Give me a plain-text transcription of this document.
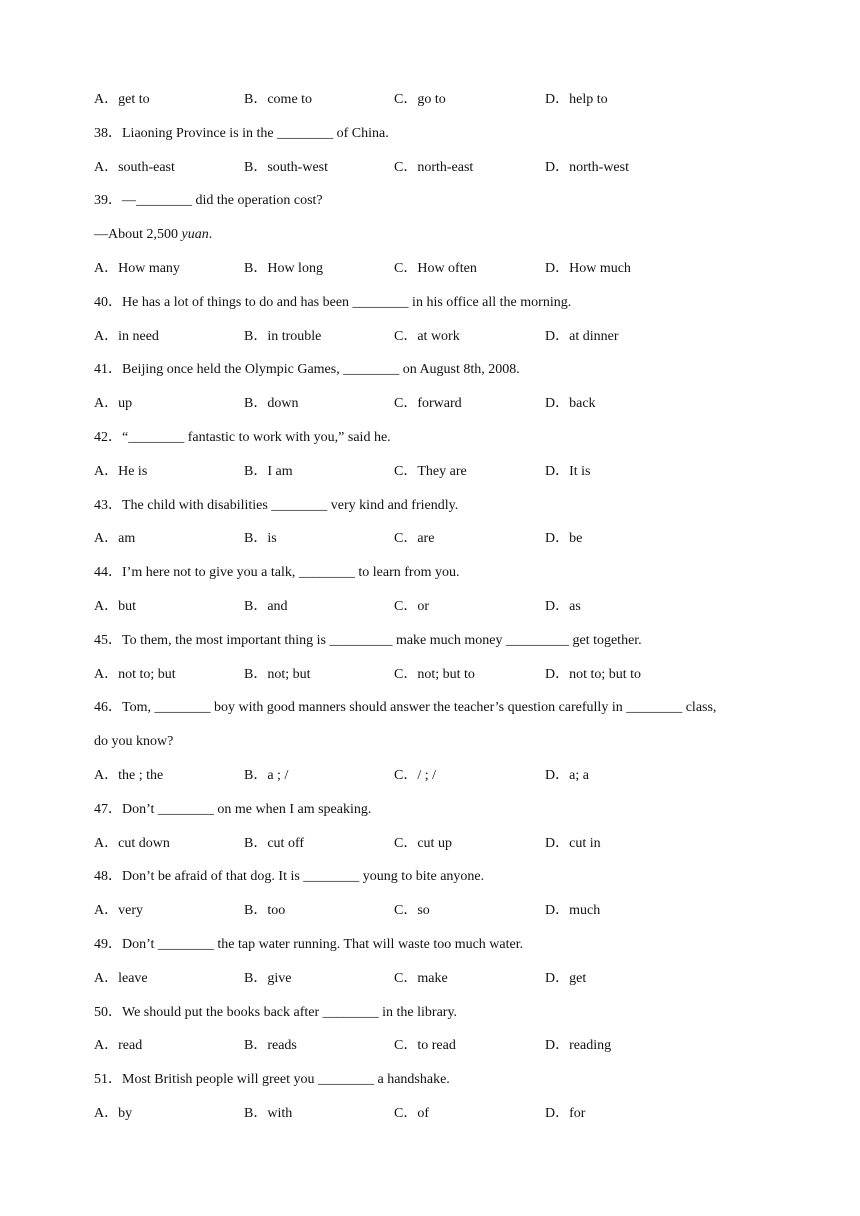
A．get to	B．come to	C．go to	D．help to
38．Liaoning Province is in the ________ of China.
A．south-east	B．south-west	C．north-east	D．north-west
39．—________ did the operation cost?
—About 2,500 yuan.
A．How many	B．How long	C．How often	D．How much
40．He has a lot of things to do and has been ________ in his office all the morning.
A．in need	B．in trouble	C．at work	D．at dinner
41．Beijing once held the Olympic Games, ________ on August 8th, 2008.
A．up	B．down	C．forward	D．back
42．“________ fantastic to work with you,” said he.
A．He is	B．I am	C．They are	D．It is
43．The child with disabilities ________ very kind and friendly.
A．am	B．is	C．are	D．be
44．I’m here not to give you a talk, ________ to learn from you.
A．but	B．and	C．or	D．as
45．To them, the most important thing is _________ make much money _________ get together.
A．not to; but	B．not; but	C．not; but to	D．not to; but to
46．Tom, ________ boy with good manners should answer the teacher’s question carefully in ________ class,
do you know?
A．the ; the	B．a ; /	C．/ ; /	D．a; a
47．Don’t ________ on me when I am speaking.
A．cut down	B．cut off	C．cut up	D．cut in
48．Don’t be afraid of that dog. It is ________ young to bite anyone.
A．very	B．too	C．so	D．much
49．Don’t ________ the tap water running. That will waste too much water.
A．leave	B．give	C．make	D．get
50．We should put the books back after ________ in the library.
A．read	B．reads	C．to read	D．reading
51．Most British people will greet you ________ a handshake.
A．by	B．with	C．of	D．for
